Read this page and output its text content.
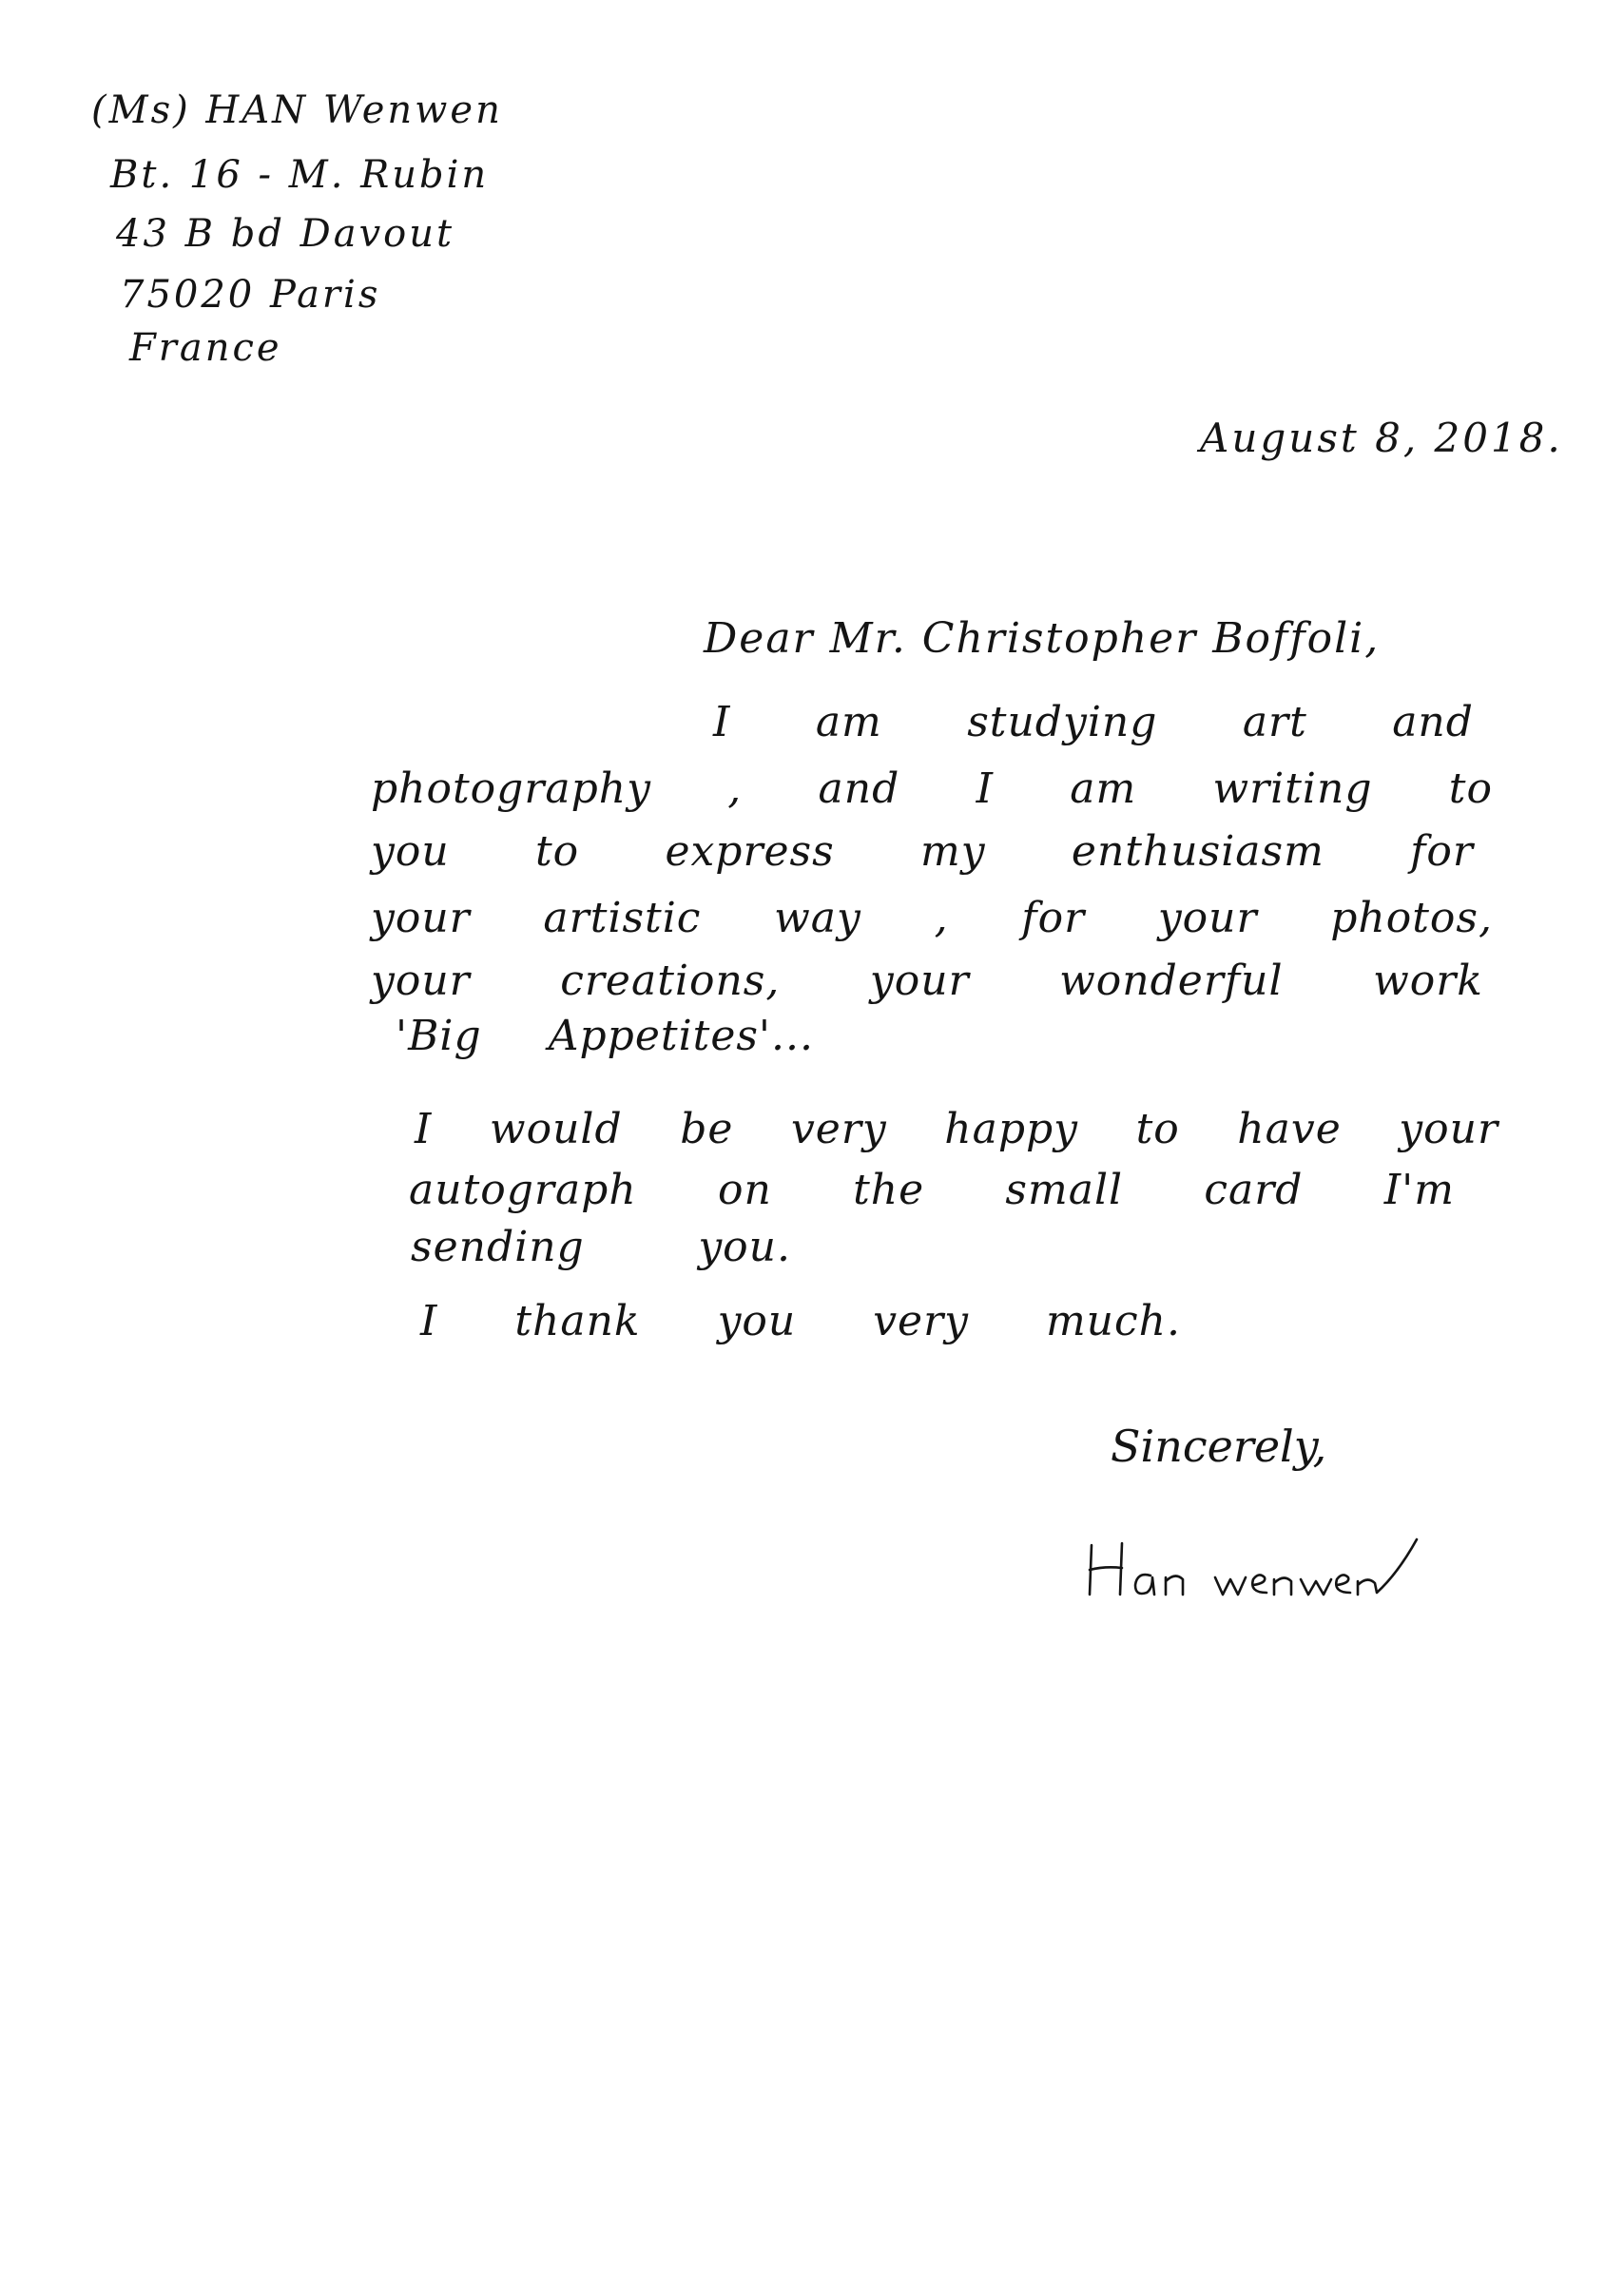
(Ms) HAN Wenwen
Bt. 16 - M. Rubin
43 B bd Davout
75020 Paris
France
August 8, 2018.
Dear Mr. Christopher Boffoli,
I am studying art and
photography , and I am writing to
you to express my enthusiasm for
your artistic way , for your photos,
your creations, your wonderful work
'Big Appetites'...
I would be very happy to have your
autograph on the small card I'm
sending	you.
I thank you very much.
Sincerely,
